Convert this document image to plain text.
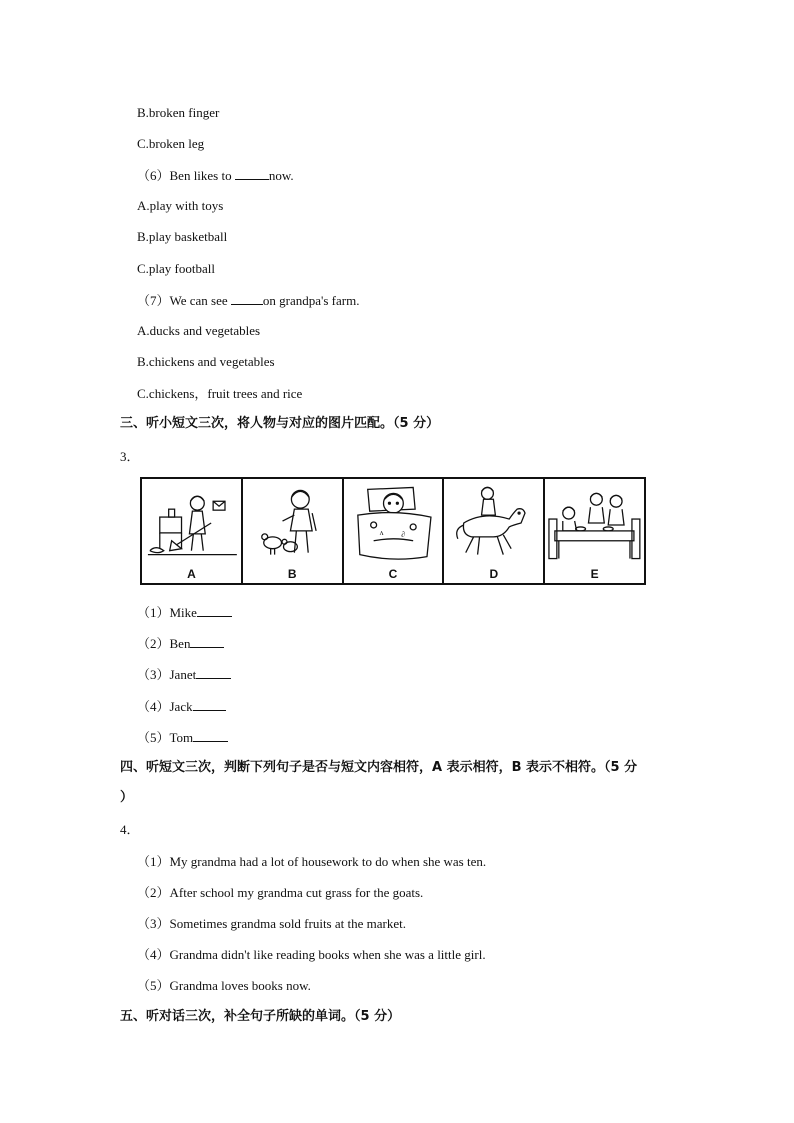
B.broken finger
C.broken leg
（6）Ben likes to	now.
A.play with toys
B.play basketball
C.play football
（7）We can see on grandpa's farm.
A.ducks and vegetables
B.chickens and vegetables
C.chickens，fruit trees and rice
三、听小短文三次，将人物与对应的图片匹配。（5 分）
3．
A	B
ʌ ∂
C	D	E
（1）Mike
（2）Ben
（3）Janet
（4）Jack
（5）Tom
四、听短文三次，判断下列句子是否与短文内容相符，A 表示相符，B 表示不相符。（5 分
）
4．
（1）My grandma had a lot of housework to do when she was ten.
（2）After school my grandma cut grass for the goats.
（3）Sometimes grandma sold fruits at the market.
（4）Grandma didn't like reading books when she was a little girl.
（5）Grandma loves books now.
五、听对话三次，补全句子所缺的单词。（5 分）
